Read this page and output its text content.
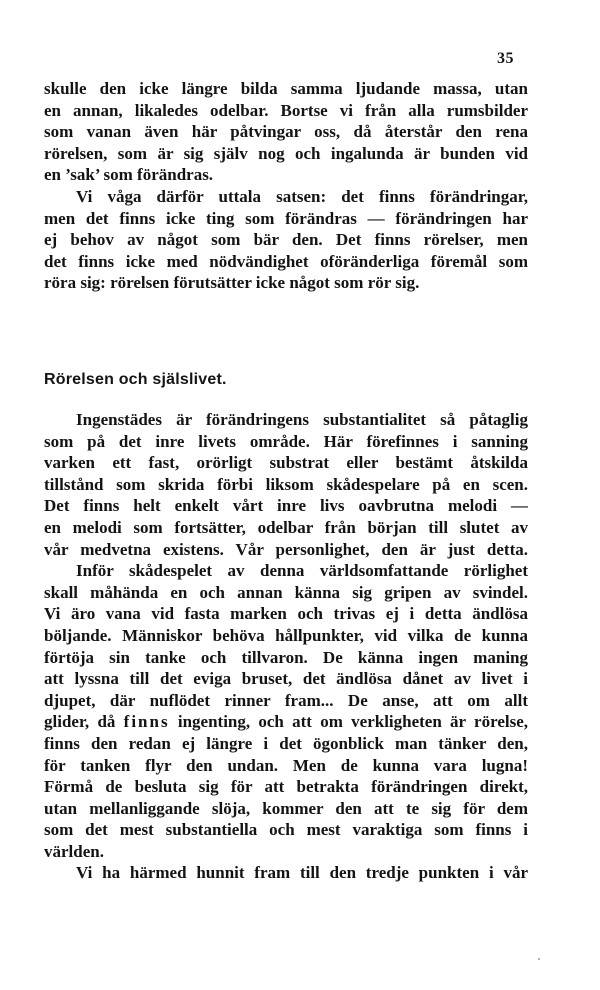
35
skulle den icke längre bilda samma ljudande massa, utan
en annan, likaledes odelbar. Bortse vi från alla rumsbilder
som vanan även här påtvingar oss, då återstår den rena
rörelsen, som är sig själv nog och ingalunda är bunden vid
en ’sak’ som förändras.
Vi våga därför uttala satsen: det finns förändringar,
men det finns icke ting som förändras — förändringen har
ej behov av något som bär den. Det finns rörelser, men
det finns icke med nödvändighet oföränderliga föremål som
röra sig: rörelsen förutsätter icke något som rör sig.
Rörelsen och själslivet.
Ingenstädes är förändringens substantialitet så påtaglig
som på det inre livets område. Här förefinnes i sanning
varken ett fast, orörligt substrat eller bestämt åtskilda
tillstånd som skrida förbi liksom skådespelare på en scen.
Det finns helt enkelt vårt inre livs oavbrutna melodi —
en melodi som fortsätter, odelbar från början till slutet av
vår medvetna existens. Vår personlighet, den är just detta.
Inför skådespelet av denna världsomfattande rörlighet
skall måhända en och annan känna sig gripen av svindel.
Vi äro vana vid fasta marken och trivas ej i detta ändlösa
böljande. Människor behöva hållpunkter, vid vilka de kunna
förtöja sin tanke och tillvaron. De känna ingen maning
att lyssna till det eviga bruset, det ändlösa dånet av livet i
djupet, där nuflödet rinner fram... De anse, att om allt
glider, då finns ingenting, och att om verkligheten är rörelse,
finns den redan ej längre i det ögonblick man tänker den,
för tanken flyr den undan. Men de kunna vara lugna!
Förmå de besluta sig för att betrakta förändringen direkt,
utan mellanliggande slöja, kommer den att te sig för dem
som det mest substantiella och mest varaktiga som finns i
världen.
Vi ha härmed hunnit fram till den tredje punkten i vår
